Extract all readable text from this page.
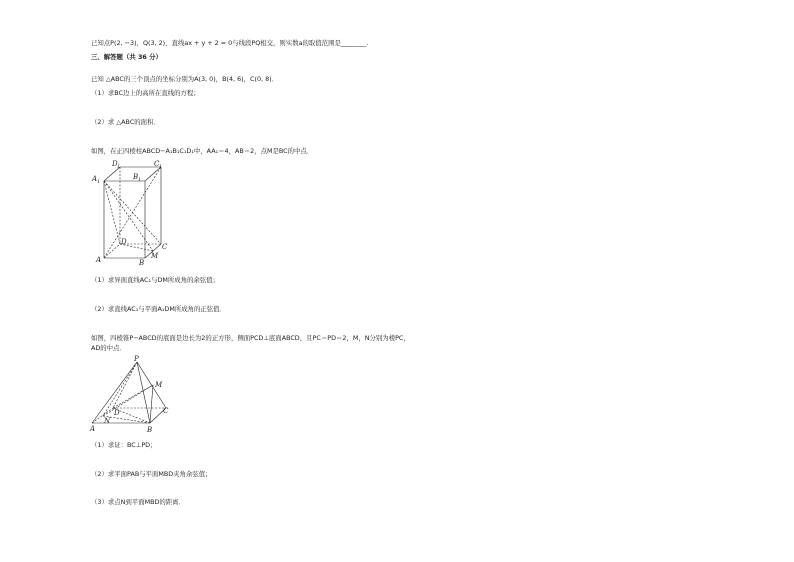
已知点P(2, −3)，Q(3, 2)，直线ax + y + 2 = 0与线段PQ相交，则实数a的取值范围是________.
三、解答题（共 36 分）
已知 △ABC的三个顶点的坐标分别为A(3, 0)，B(4, 6)，C(0, 8)．
（1）求BC边上的高所在直线的方程；
（2）求 △ABC的面积．
如图，在正四棱柱ABCD−A₁B₁C₁D₁中，AA₁＝4，AB＝2，点M是BC的中点．
D 1	C 1
A 1
B 1
D
C
A	B
M
P
M
D	C
N
A	B
（1）求异面直线AC₁与DM所成角的余弦值；
（2）求直线AC₁与平面A₁DM所成角的正弦值．
如图，四棱锥P−ABCD的底面是边长为2的正方形，侧面PCD⊥底面ABCD，且PC＝PD＝2，M，N分别为棱PC，
AD的中点．
（1）求证：BC⊥PD；
（2）求平面PAB与平面MBD夹角余弦值；
（3）求点N到平面MBD的距离．
